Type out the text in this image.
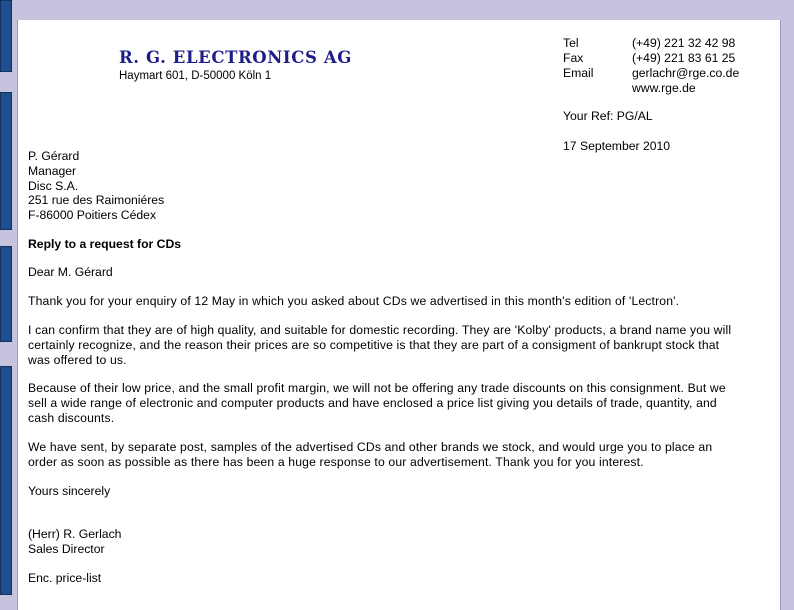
R. G. ELECTRONICS AG
Haymart 601, D-50000 Köln 1
Tel	(+49) 221 32 42 98
Fax	(+49) 221 83 61 25
Email	gerlachr@rge.co.de
www.rge.de
Your Ref: PG/AL
17 September 2010
P. Gérard
Manager
Disc S.A.
251 rue des Raimoniéres
F-86000 Poitiers Cédex
Reply to a request for CDs
Dear M. Gérard

Thank you for your enquiry of 12 May in which you asked about CDs we advertised in this month's edition of 'Lectron'.

I can confirm that they are of high quality, and suitable for domestic recording. They are 'Kolby' products, a brand name you will

certainly recognize, and the reason their prices are so competitive is that they are part of a consigment of bankrupt stock that

was offered to us.

Because of their low price, and the small profit margin, we will not be offering any trade discounts on this consignment. But we

sell a wide range of electronic and computer products and have enclosed a price list giving you details of trade, quantity, and

cash discounts.

We have sent, by separate post, samples of the advertised CDs and other brands we stock, and would urge you to place an

order as soon as possible as there has been a huge response to our advertisement. Thank you for you interest.

Yours sincerely
(Herr) R. Gerlach
Sales Director
Enc. price-list
